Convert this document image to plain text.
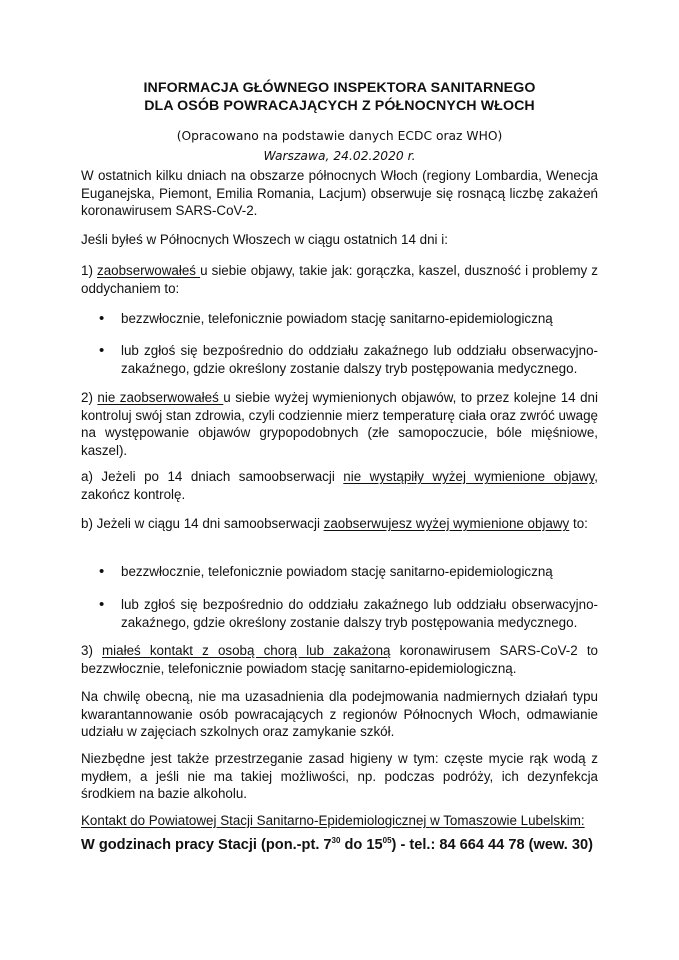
INFORMACJA GŁÓWNEGO INSPEKTORA SANITARNEGO
DLA OSÓB POWRACAJĄCYCH Z PÓŁNOCNYCH WŁOCH
(Opracowano na podstawie danych ECDC oraz WHO)
Warszawa, 24.02.2020 r.

W ostatnich kilku dniach na obszarze północnych Włoch (regiony Lombardia, Wenecja Euganejska, Piemont, Emilia Romania, Lacjum) obserwuje się rosnącą liczbę zakażeń koronawirusem SARS-CoV-2.

Jeśli byłeś w Północnych Włoszech w ciągu ostatnich 14 dni i:

1) zaobserwowałeś u siebie objawy, takie jak: gorączka, kaszel, duszność i problemy z oddychaniem to:

• bezzwłocznie, telefonicznie powiadom stację sanitarno-epidemiologiczną

• lub zgłoś się bezpośrednio do oddziału zakaźnego lub oddziału obserwacyjno-zakaźnego, gdzie określony zostanie dalszy tryb postępowania medycznego.

2) nie zaobserwowałeś u siebie wyżej wymienionych objawów, to przez kolejne 14 dni kontroluj swój stan zdrowia, czyli codziennie mierz temperaturę ciała oraz zwróć uwagę na występowanie objawów grypopodobnych (złe samopoczucie, bóle mięśniowe, kaszel).

a) Jeżeli po 14 dniach samoobserwacji nie wystąpiły wyżej wymienione objawy, zakończ kontrolę.

b) Jeżeli w ciągu 14 dni samoobserwacji zaobserwujesz wyżej wymienione objawy to:

• bezzwłocznie, telefonicznie powiadom stację sanitarno-epidemiologiczną

• lub zgłoś się bezpośrednio do oddziału zakaźnego lub oddziału obserwacyjno-zakaźnego, gdzie określony zostanie dalszy tryb postępowania medycznego.

3) miałeś kontakt z osobą chorą lub zakażoną koronawirusem SARS-CoV-2 to bezzwłocznie, telefonicznie powiadom stację sanitarno-epidemiologiczną.

Na chwilę obecną, nie ma uzasadnienia dla podejmowania nadmiernych działań typu kwarantannowanie osób powracających z regionów Północnych Włoch, odmawianie udziału w zajęciach szkolnych oraz zamykanie szkół.

Niezbędne jest także przestrzeganie zasad higieny w tym: częste mycie rąk wodą z mydłem, a jeśli nie ma takiej możliwości, np. podczas podróży, ich dezynfekcja środkiem na bazie alkoholu.

Kontakt do Powiatowej Stacji Sanitarno-Epidemiologicznej w Tomaszowie Lubelskim:

W godzinach pracy Stacji (pon.-pt. $7^{30}$ do $15^{05}$) - tel.: 84 664 44 78 (wew. 30)
